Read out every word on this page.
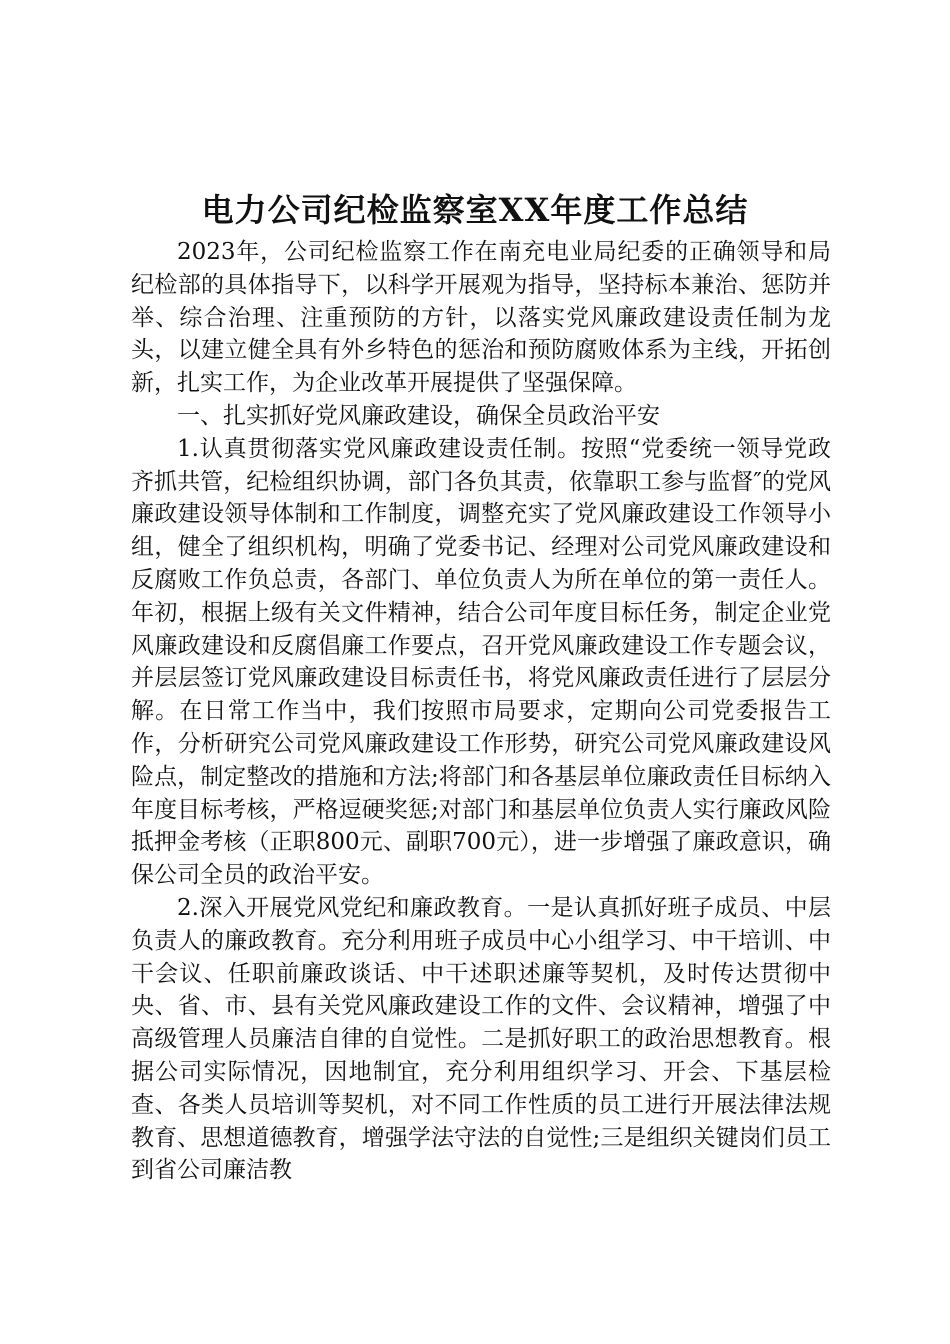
电力公司纪检监察室XX年度工作总结

2023年，公司纪检监察工作在南充电业局纪委的正确领导和局纪检部的具体指导下，以科学开展观为指导，坚持标本兼治、惩防并举、综合治理、注重预防的方针，以落实党风廉政建设责任制为龙头，以建立健全具有外乡特色的惩治和预防腐败体系为主线，开拓创新，扎实工作，为企业改革开展提供了坚强保障。

一、扎实抓好党风廉政建设，确保全员政治平安

1.认真贯彻落实党风廉政建设责任制。按照“党委统一领导党政齐抓共管，纪检组织协调，部门各负其责，依靠职工参与监督″的党风廉政建设领导体制和工作制度，调整充实了党风廉政建设工作领导小组，健全了组织机构，明确了党委书记、经理对公司党风廉政建设和反腐败工作负总责，各部门、单位负责人为所在单位的第一责任人。年初，根据上级有关文件精神，结合公司年度目标任务，制定企业党风廉政建设和反腐倡廉工作要点，召开党风廉政建设工作专题会议，并层层签订党风廉政建设目标责任书，将党风廉政责任进行了层层分解。在日常工作当中，我们按照市局要求，定期向公司党委报告工作，分析研究公司党风廉政建设工作形势，研究公司党风廉政建设风险点，制定整改的措施和方法;将部门和各基层单位廉政责任目标纳入年度目标考核，严格逗硬奖惩;对部门和基层单位负责人实行廉政风险抵押金考核（正职800元、副职700元），进一步增强了廉政意识，确保公司全员的政治平安。

2.深入开展党风党纪和廉政教育。一是认真抓好班子成员、中层负责人的廉政教育。充分利用班子成员中心小组学习、中干培训、中干会议、任职前廉政谈话、中干述职述廉等契机，及时传达贯彻中央、省、市、县有关党风廉政建设工作的文件、会议精神，增强了中高级管理人员廉洁自律的自觉性。二是抓好职工的政治思想教育。根据公司实际情况，因地制宜，充分利用组织学习、开会、下基层检查、各类人员培训等契机，对不同工作性质的员工进行开展法律法规教育、思想道德教育，增强学法守法的自觉性;三是组织关键岗们员工到省公司廉洁教
